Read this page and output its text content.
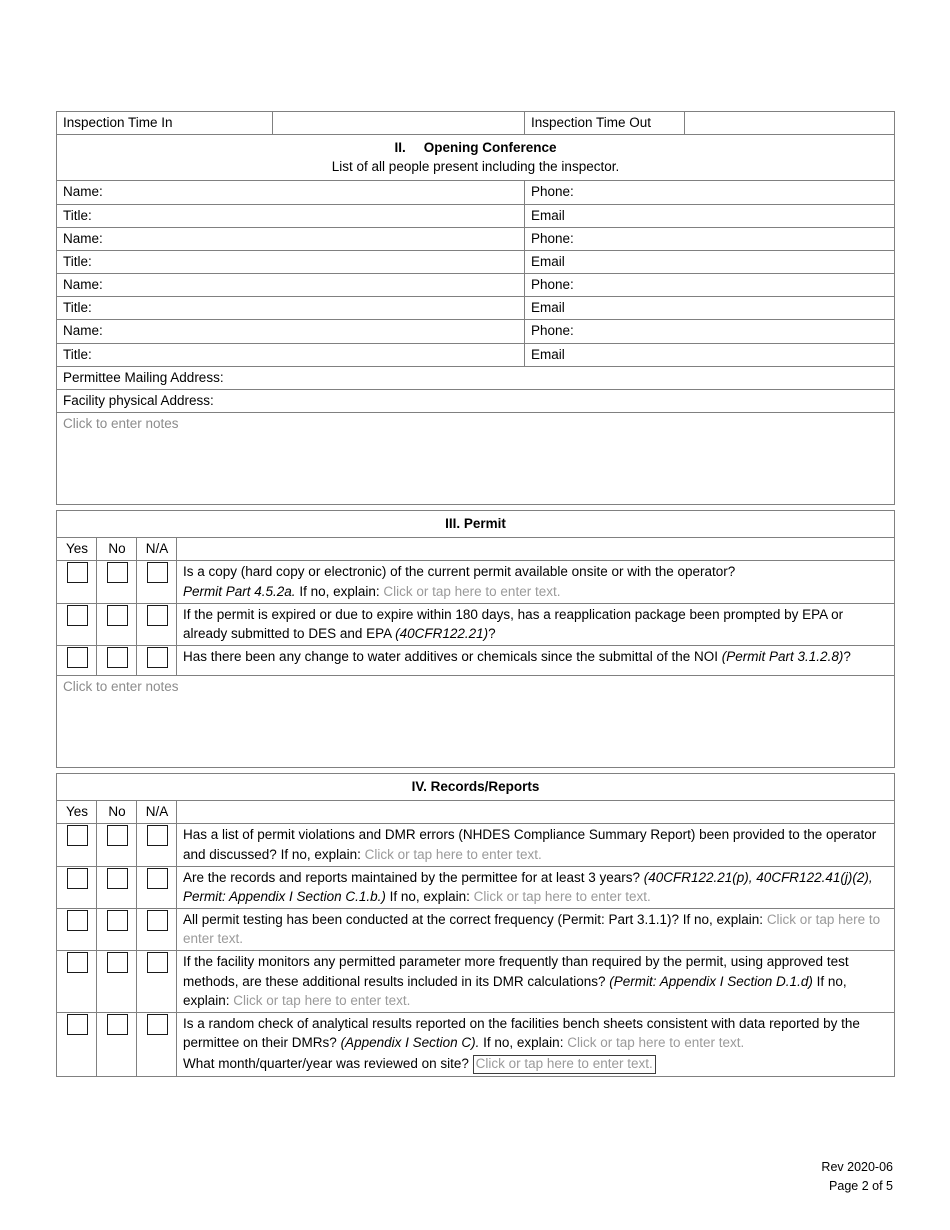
Inspection Time In		Inspection Time Out	
II. Opening Conference
List of all people present including the inspector.			

Name:		Phone:	
Title:		Email	
Name:		Phone:	
Title:		Email	
Name:		Phone:	
Title:		Email	
Name:		Phone:	
Title:		Email	
Permittee Mailing Address:			
Facility physical Address:			
Click to enter notes			
III. Permit			
Yes	No	N/A	
			Is a copy (hard copy or electronic) of the current permit available onsite or with the operator?
Permit Part 4.5.2a. If no, explain: Click or tap here to enter text.
			If the permit is expired or due to expire within 180 days, has a reapplication package been prompted by EPA or already submitted to DES and EPA (40CFR122.21)?
			Has there been any change to water additives or chemicals since the submittal of the NOI (Permit Part 3.1.2.8)?
Click to enter notes			
IV. Records/Reports			
Yes	No	N/A	
			Has a list of permit violations and DMR errors (NHDES Compliance Summary Report) been provided to the operator and discussed? If no, explain: Click or tap here to enter text.
			Are the records and reports maintained by the permittee for at least 3 years? (40CFR122.21(p), 40CFR122.41(j)(2), Permit: Appendix I Section C.1.b.) If no, explain: Click or tap here to enter text.
			All permit testing has been conducted at the correct frequency (Permit: Part 3.1.1)? If no, explain: Click or tap here to enter text.
			If the facility monitors any permitted parameter more frequently than required by the permit, using approved test methods, are these additional results included in its DMR calculations? (Permit: Appendix I Section D.1.d) If no, explain: Click or tap here to enter text.
			Is a random check of analytical results reported on the facilities bench sheets consistent with data reported by the permittee on their DMRs? (Appendix I Section C). If no, explain: Click or tap here to enter text.
What month/quarter/year was reviewed on site? Click or tap here to enter text.
Rev 2020-06
Page 2 of 5
